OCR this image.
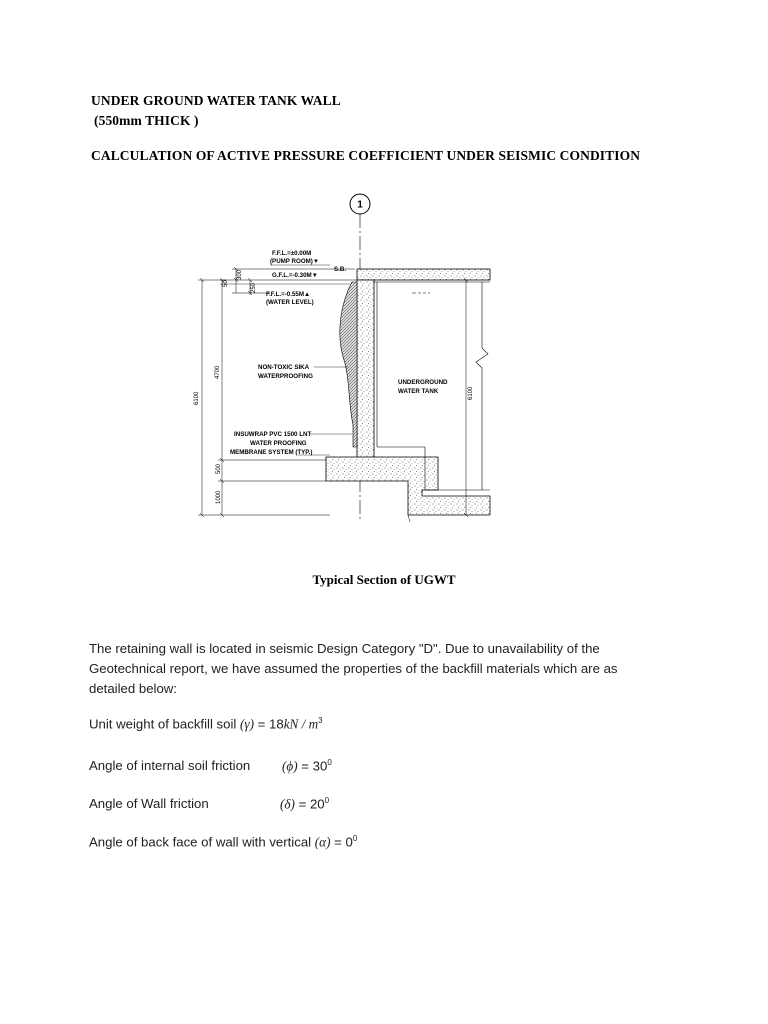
UNDER GROUND WATER TANK WALL
(550mm THICK )
CALCULATION OF ACTIVE PRESSURE COEFFICIENT UNDER SEISMIC CONDITION
1
300
50	250
4700
6100
500
1000
6100
F.F.L.=±0.00M
(PUMP ROOM)▼
G.F.L.=-0.30M▼
S.B.
F.F.L.=-0.55M▲
(WATER LEVEL)
NON-TOXIC SIKA
WATERPROOFING
UNDERGROUND
WATER TANK
INSUWRAP PVC 1500 LNT
WATER PROOFING
MEMBRANE SYSTEM (TYP.)
Typical Section of UGWT

The retaining wall is located in seismic Design Category "D". Due to unavailability of the

Geotechnical report, we have assumed the properties of the backfill materials which are as

detailed below:

Unit weight of backfill soil $(\gamma) = 18kN / m^3$
Angle of internal soil friction $(\phi) = 30^0$
Angle of Wall friction	$(\delta) = 20^0$
Angle of back face of wall with vertical $(\alpha) = 0^0$
